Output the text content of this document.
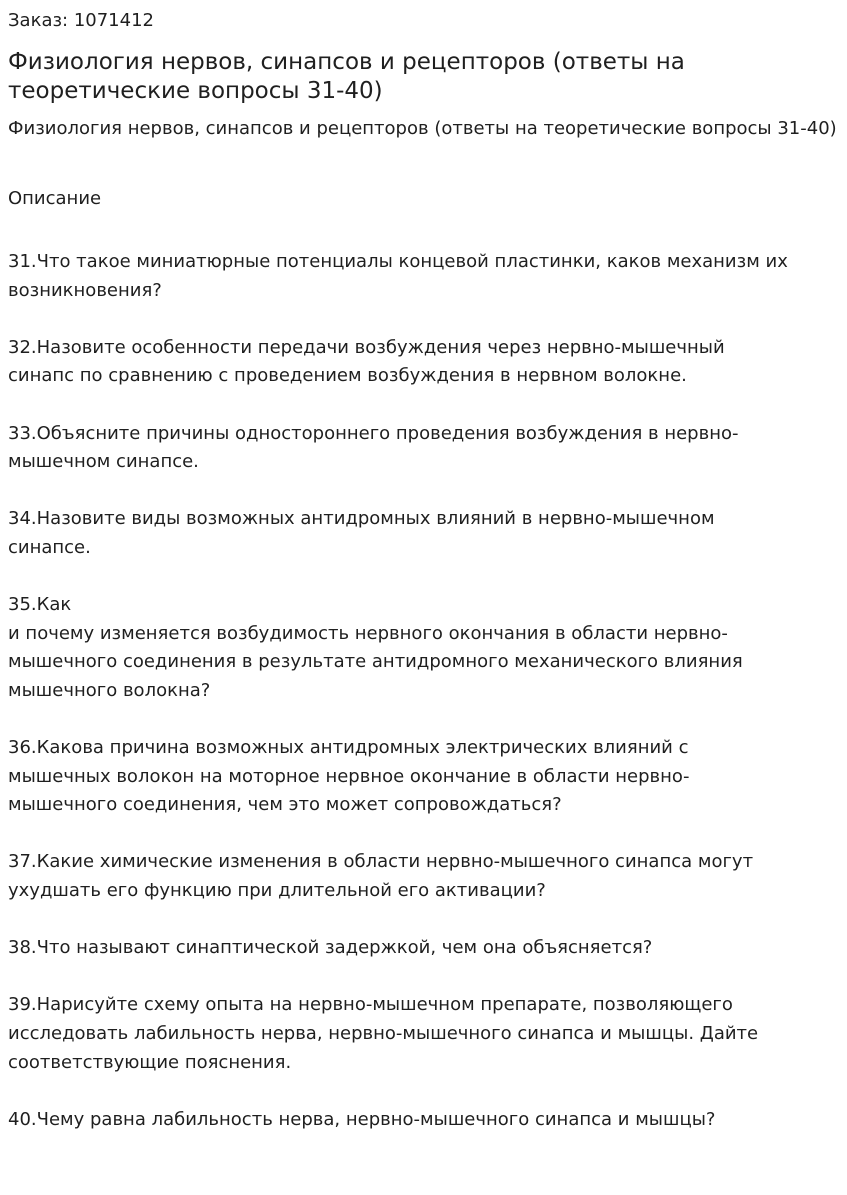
Заказ: 1071412

Физиология нервов, синапсов и рецепторов (ответы на теоретические вопросы 31-40)

Физиология нервов, синапсов и рецепторов (ответы на теоретические вопросы 31-40)

Описание

31.Что такое миниатюрные потенциалы концевой пластинки, каков механизм их возникновения?
32.Назовите особенности передачи возбуждения через нервно-мышечный
синапс по сравнению с проведением возбуждения в нервном волокне.
33.Объясните причины одностороннего проведения возбуждения в нервно-
мышечном синапсе.
34.Назовите виды возможных антидромных влияний в нервно-мышечном
синапсе.
35.Как
и почему изменяется возбудимость нервного окончания в области нервно-
мышечного соединения в результате антидромного механического влияния
мышечного волокна?
36.Какова причина возможных антидромных электрических влияний с
мышечных волокон на моторное нервное окончание в области нервно-
мышечного соединения, чем это может сопровождаться?
37.Какие химические изменения в области нервно-мышечного синапса могут
ухудшать его функцию при длительной его активации?
38.Что называют синаптической задержкой, чем она объясняется?
39.Нарисуйте схему опыта на нервно-мышечном препарате, позволяющего
исследовать лабильность нерва, нервно-мышечного синапса и мышцы. Дайте
соответствующие пояснения.
40.Чему равна лабильность нерва, нервно-мышечного синапса и мышцы?
